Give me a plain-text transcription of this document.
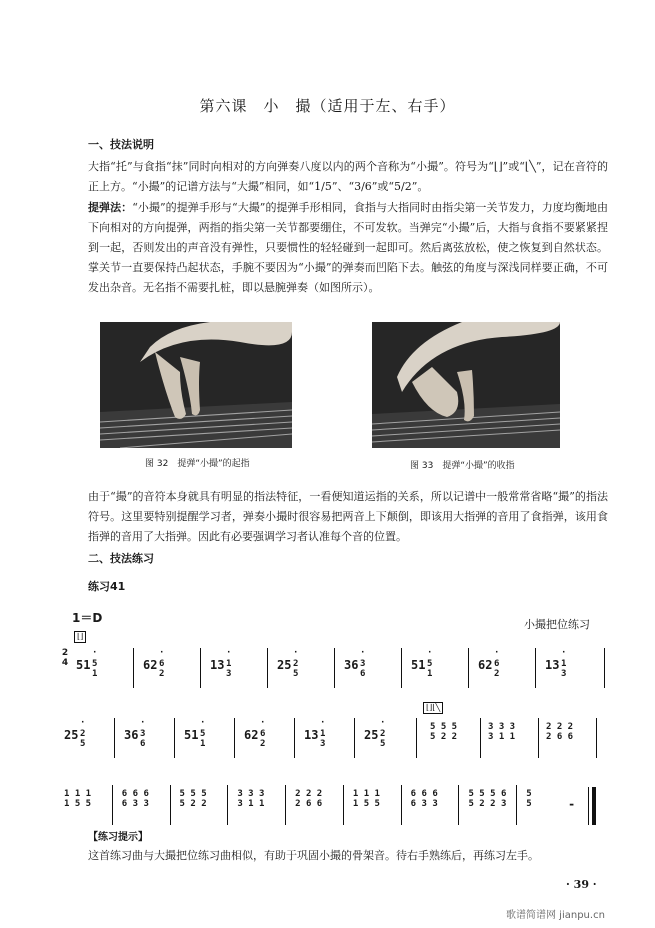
第六课　小　撮（适用于左、右手）
一、技法说明
大指“托”与食指“抹”同时向相对的方向弹奏八度以内的两个音称为“小撮”。符号为“⌊⌋”或“⌊╲”，记在音符的正上方。“小撮”的记谱方法与“大撮”相同，如“1/5”、“3/6”或“5/2”。
提弹法：“小撮”的提弹手形与“大撮”的提弹手形相同，食指与大指同时由指尖第一关节发力，力度均衡地由下向相对的方向提弹，两指的指尖第一关节都要绷住，不可发软。当弹完“小撮”后，大指与食指不要紧紧捏到一起，否则发出的声音没有弹性，只要惯性的轻轻碰到一起即可。然后离弦放松，使之恢复到自然状态。掌关节一直要保持凸起状态，手腕不要因为“小撮”的弹奏而凹陷下去。触弦的角度与深浅同样要正确，不可发出杂音。无名指不需要扎桩，即以悬腕弹奏（如图所示）。
图 32　提弹“小撮”的起指	图 33　提弹“小撮”的收指
由于“撮”的音符本身就具有明显的指法特征，一看便知道运指的关系，所以记谱中一般常常省略“撮”的指法符号。这里要特别提醒学习者，弹奏小撮时很容易把两音上下颠倒，即该用大指弹的音用了食指弹，该用食指弹的音用了大指弹。因此有必要强调学习者认准每个音的位置。
二、技法练习
练习41
1＝D	小撮把位练习
⌊⌋
⌊⌋⌊╲
2
4 51
·
5
1
62
·
6
2
13
·
1
3
25
·
2
5
36
·
3
6
51
·
5
1
62
·
6
2
13
·
1
3
25
·
2
5
36
·
3
6
51
·
5
1
62
·
6
2
13
·
1
3
25
·
2
5
5 5 5
5 2 2
3 3 3
3 1 1
2 2 2
2 6 6
1 1 1
1 5 5
6 6 6
6 3 3
5 5 5
5 2 2
3 3 3
3 1 1
2 2 2
2 6 6
1 1 1
1 5 5
6 6 6
6 3 3
5 5 5 6
5 2 2 3
5
5	-
【练习提示】
这首练习曲与大撮把位练习曲相似，有助于巩固小撮的骨架音。待右手熟练后，再练习左手。
· 39 ·
歌谱简谱网 jianpu.cn
